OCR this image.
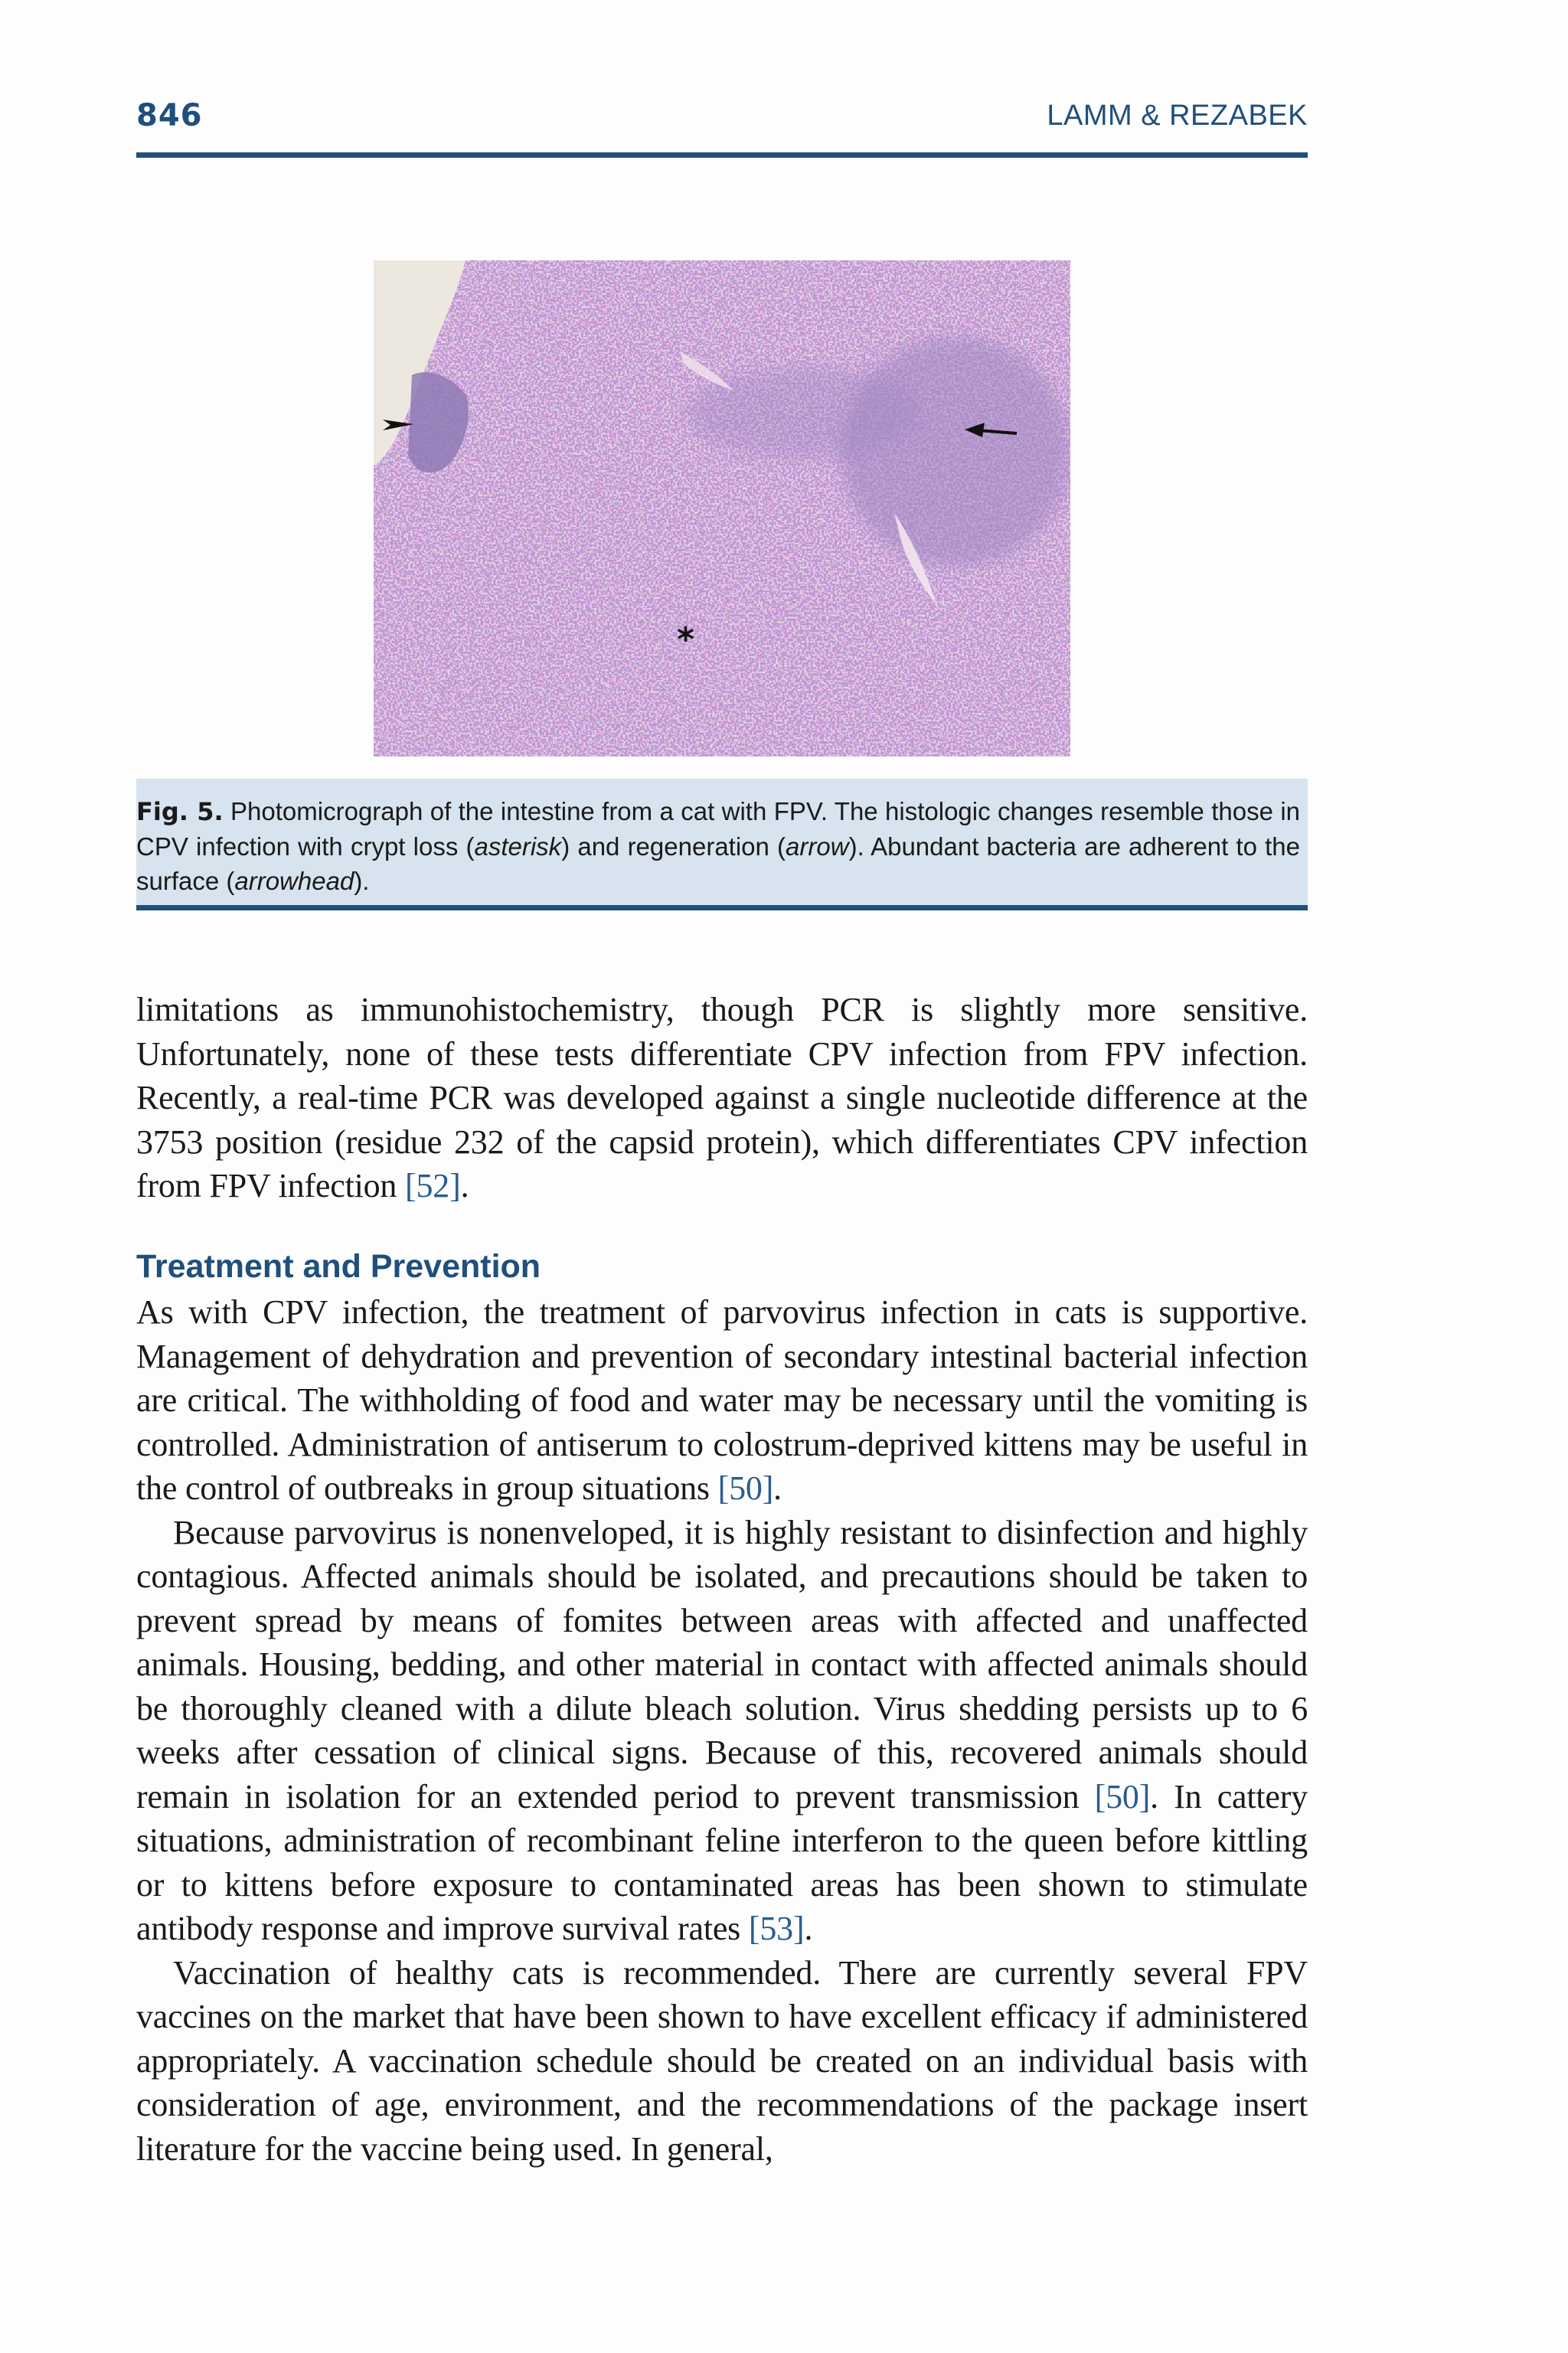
846	LAMM & REZABEK
*

Fig. 5. Photomicrograph of the intestine from a cat with FPV. The histologic changes resemble those in CPV infection with crypt loss (asterisk) and regeneration (arrow). Abundant bacteria are adherent to the surface (arrowhead).

limitations as immunohistochemistry, though PCR is slightly more sensitive. Unfortunately, none of these tests differentiate CPV infection from FPV infection. Recently, a real-time PCR was developed against a single nucleotide difference at the 3753 position (residue 232 of the capsid protein), which differentiates CPV infection from FPV infection [52].

Treatment and Prevention

As with CPV infection, the treatment of parvovirus infection in cats is supportive. Management of dehydration and prevention of secondary intestinal bacterial infection are critical. The withholding of food and water may be necessary until the vomiting is controlled. Administration of antiserum to colostrum-deprived kittens may be useful in the control of outbreaks in group situations [50].

Because parvovirus is nonenveloped, it is highly resistant to disinfection and highly contagious. Affected animals should be isolated, and precautions should be taken to prevent spread by means of fomites between areas with affected and unaffected animals. Housing, bedding, and other material in contact with affected animals should be thoroughly cleaned with a dilute bleach solution. Virus shedding persists up to 6 weeks after cessation of clinical signs. Because of this, recovered animals should remain in isolation for an extended period to prevent transmission [50]. In cattery situations, administration of recombinant feline interferon to the queen before kittling or to kittens before exposure to contaminated areas has been shown to stimulate antibody response and improve survival rates [53].

Vaccination of healthy cats is recommended. There are currently several FPV vaccines on the market that have been shown to have excellent efficacy if administered appropriately. A vaccination schedule should be created on an individual basis with consideration of age, environment, and the recommendations of the package insert literature for the vaccine being used. In general,
